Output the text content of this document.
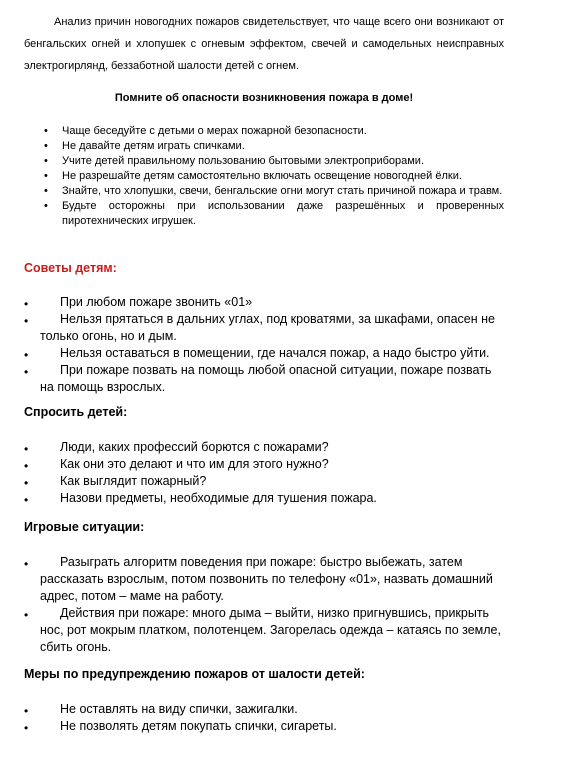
Анализ причин новогодних пожаров свидетельствует, что чаще всего они возникают от бенгальских огней и хлопушек с огневым эффектом, свечей и самодельных неисправных электрогирлянд, беззаботной шалости детей с огнем.

Помните об опасности возникновения пожара в доме!

• Чаще беседуйте с детьми о мерах пожарной безопасности.
• Не давайте детям играть спичками.
• Учите детей правильному пользованию бытовыми электроприборами.
• Не разрешайте детям самостоятельно включать освещение новогодней ёлки.
• Знайте, что хлопушки, свечи, бенгальские огни могут стать причиной пожара и травм.
• Будьте осторожны при использовании даже разрешённых и проверенных пиротехнических игрушек.

Советы детям:

•	При любом пожаре звонить «01»
•	Нельзя прятаться в дальних углах, под кроватями, за шкафами, опасен не только огонь, но и дым.
•	Нельзя оставаться в помещении, где начался пожар, а надо быстро уйти.
•	При пожаре позвать на помощь любой опасной ситуации, пожаре позвать на помощь взрослых.

Спросить детей:

•	Люди, каких профессий борются с пожарами?
•	Как они это делают и что им для этого нужно?
•	Как выглядит пожарный?
•	Назови предметы, необходимые для тушения пожара.

Игровые ситуации:

•	Разыграть алгоритм поведения при пожаре: быстро выбежать, затем рассказать взрослым, потом позвонить по телефону «01», назвать домашний адрес, потом – маме на работу.
•	Действия при пожаре: много дыма – выйти, низко пригнувшись, прикрыть нос, рот мокрым платком, полотенцем. Загорелась одежда – катаясь по земле, сбить огонь.

Меры по предупреждению пожаров от шалости детей:

•	Не оставлять на виду спички, зажигалки.
•	Не позволять детям покупать спички, сигареты.
